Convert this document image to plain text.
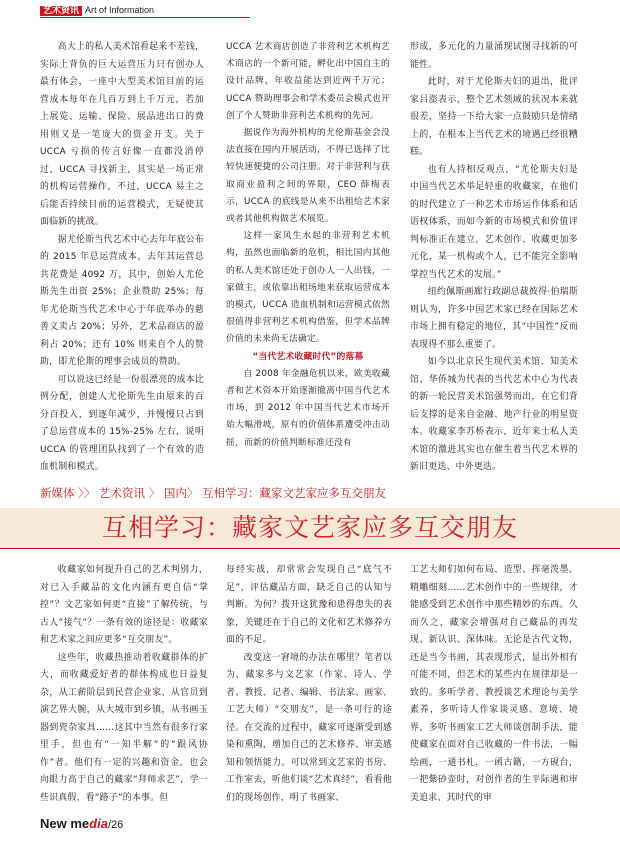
艺术资讯 Art of Information

高大上的私人美术馆看起来不差钱，实际上背负的巨大运营压力只有创办人最有体会，一座中大型美术馆目前的运营成本每年在几百万到上千万元，若加上展览、运输、保险、展品进出口的费用则又是一笔庞大的资金开支。关于 UCCA 亏损的传言好像一直都没消停过，UCCA 寻找新主，其实是一场正常的机构运营操作，不过，UCCA 易主之后能否持续目前的运营模式，无疑使其面临新的挑战。

据尤伦斯当代艺术中心去年年底公布的 2015 年总运营成本，去年其运营总共花费是 4092 万，其中，创始人尤伦斯先生出资 25%；企业赞助 25%；每年尤伦斯当代艺术中心于年底举办的慈善义卖占 20%；另外，艺术品商店的盈利占 20%；还有 10% 则来自个人的赞助，即尤伦斯的理事会成员的赞助。

可以说这已经是一份很漂亮的成本比例分配，创建人尤伦斯先生由原来的百分百投入，到逐年减少，并慢慢只占到了总运营成本的 15%-25% 左右，说明 UCCA 的管理团队找到了一个有效的造血机制和模式。

UCCA 艺术商店创造了非营利艺术机构艺术商店的一个新可能，孵化出中国自主的设计品牌，年收益能达到近两千万元；UCCA 赞助理事会和学术委员会模式也开创了个人赞助非营利艺术机构的先河。

据说作为海外机构的尤伦斯基金会没法直接在国内开展活动，不得已选择了比较快速便捷的公司注册。对于非营利与获取商业盈利之间的界限，CEO 薛梅表示，UCCA 的底线是从来不出租给艺术家或者其他机构做艺术展览。

这样一家风生水起的非营利艺术机构，虽然也面临新的危机，相比国内其他的私人美术馆还处于创办人一人出钱，一家做主，或依靠出租场地来获取运营成本的模式，UCCA 造血机制和运营模式依然很值得非营利艺术机构借鉴，但学术品牌价值的未来尚无法确定。

“当代艺术收藏时代”的落幕

自 2008 年金融危机以来，欧美收藏者和艺术资本开始逐渐撤离中国当代艺术市场，到 2012 年中国当代艺术市场开始大幅滑坡，原有的价值体系遭受冲击动摇，而新的价值判断标准还没有

形成，多元化的力量涌现试图寻找新的可能性。

此时，对于尤伦斯夫妇的退出，批评家吕澎表示，整个艺术领域的状况本来就很差，坚持一下给大家一点鼓励只是情绪上的，在根本上当代艺术的境遇已经很糟糕。

也有人持相反观点，“尤伦斯夫妇是中国当代艺术举足轻重的收藏家，在他们的时代建立了一种艺术市场运作体系和话语权体系，而如今新的市场模式和价值评判标准正在建立，艺术创作、收藏更加多元化，某一机构或个人，已不能完全影响掌控当代艺术的发展。”

纽约佩斯画廊行政副总裁彼得·伯瑞斯则认为，许多中国艺术家已经在国际艺术市场上拥有稳定的地位，其“中国性”反而表现得不那么重要了。

如今以北京民生现代美术馆、知美术馆、华侨城为代表的当代艺术中心为代表的新一轮民营美术馆强势而出，在它们背后支撑的是来自金融、地产行业的明星资本。收藏家李苏桥表示，近年来土私人美术馆的激进其实也在催生着当代艺术界的新旧更迭、中外更迭。

新媒体 〉〉 艺术资讯 〉 国内〉 互相学习：藏家文艺家应多互交朋友
互相学习：藏家文艺家应多互交朋友

收藏家如何提升自己的艺术判别力，对已入手藏品的文化内涵有更自信“掌控”？文艺家如何更“直接”了解传统，与古人“接气”？一条有效的途径是：收藏家和艺术家之间应更多“互交朋友”。

这些年，收藏热推动着收藏群体的扩大，而收藏爱好者的群体构成也日益复杂，从工薪阶层到民营企业家、从官员到演艺界大腕，从大城市到乡镇，从书画玉器到瓷杂家具……这其中当然有很多行家里手，但也有“一知半解”的“跟风协作”者。他们有一定的兴趣和资金，也会向眼力高于自己的藏家“拜师求艺”，学一些识真假、看“路子”的本事。但

每经实战，却常常会发现自己“底气不足”，评估藏品方面，缺乏自己的认知与判断。为何？拨开这犹豫和患得患失的表象，关键还在于自己的文化和艺术修养方面的不足。

改变这一窘境的办法在哪里？笔者以为，藏家多与文艺家（作家、诗人、学者、教授、记者、编辑、书法家、画家、工艺大师）“交朋友”，是一条可行的途径。在交流的过程中，藏家可逐渐受到感染和熏陶，增加自己的艺术修养、审美感知和领悟能力。可以常到文艺家的书房、工作室去，听他们谈“艺术真经”，看看他们的现场创作，明了书画家、

工艺大师们如何布局、造型、挥毫泼墨、精雕细刻……艺术创作中的一些规律，才能感受到艺术创作中那些精妙的东西。久而久之，藏家会增强对自己藏品的再发现、新认识、深体味。无论是古代文物，还是当今书画，其表现形式，显出外相有可能不同，但艺术的某些内在规律却是一致的。多听学者、教授谈艺术理论与美学素养，多听诗人作家谈灵感、意境、境界，多听书画家工艺大师谈创制手法，能使藏家在面对自己收藏的一件书法，一幅绘画，一通书札，一函古籍，一方砚台，一把紫砂壶时，对创作者的生平际遇和审美追求、其时代的审

New media/26
